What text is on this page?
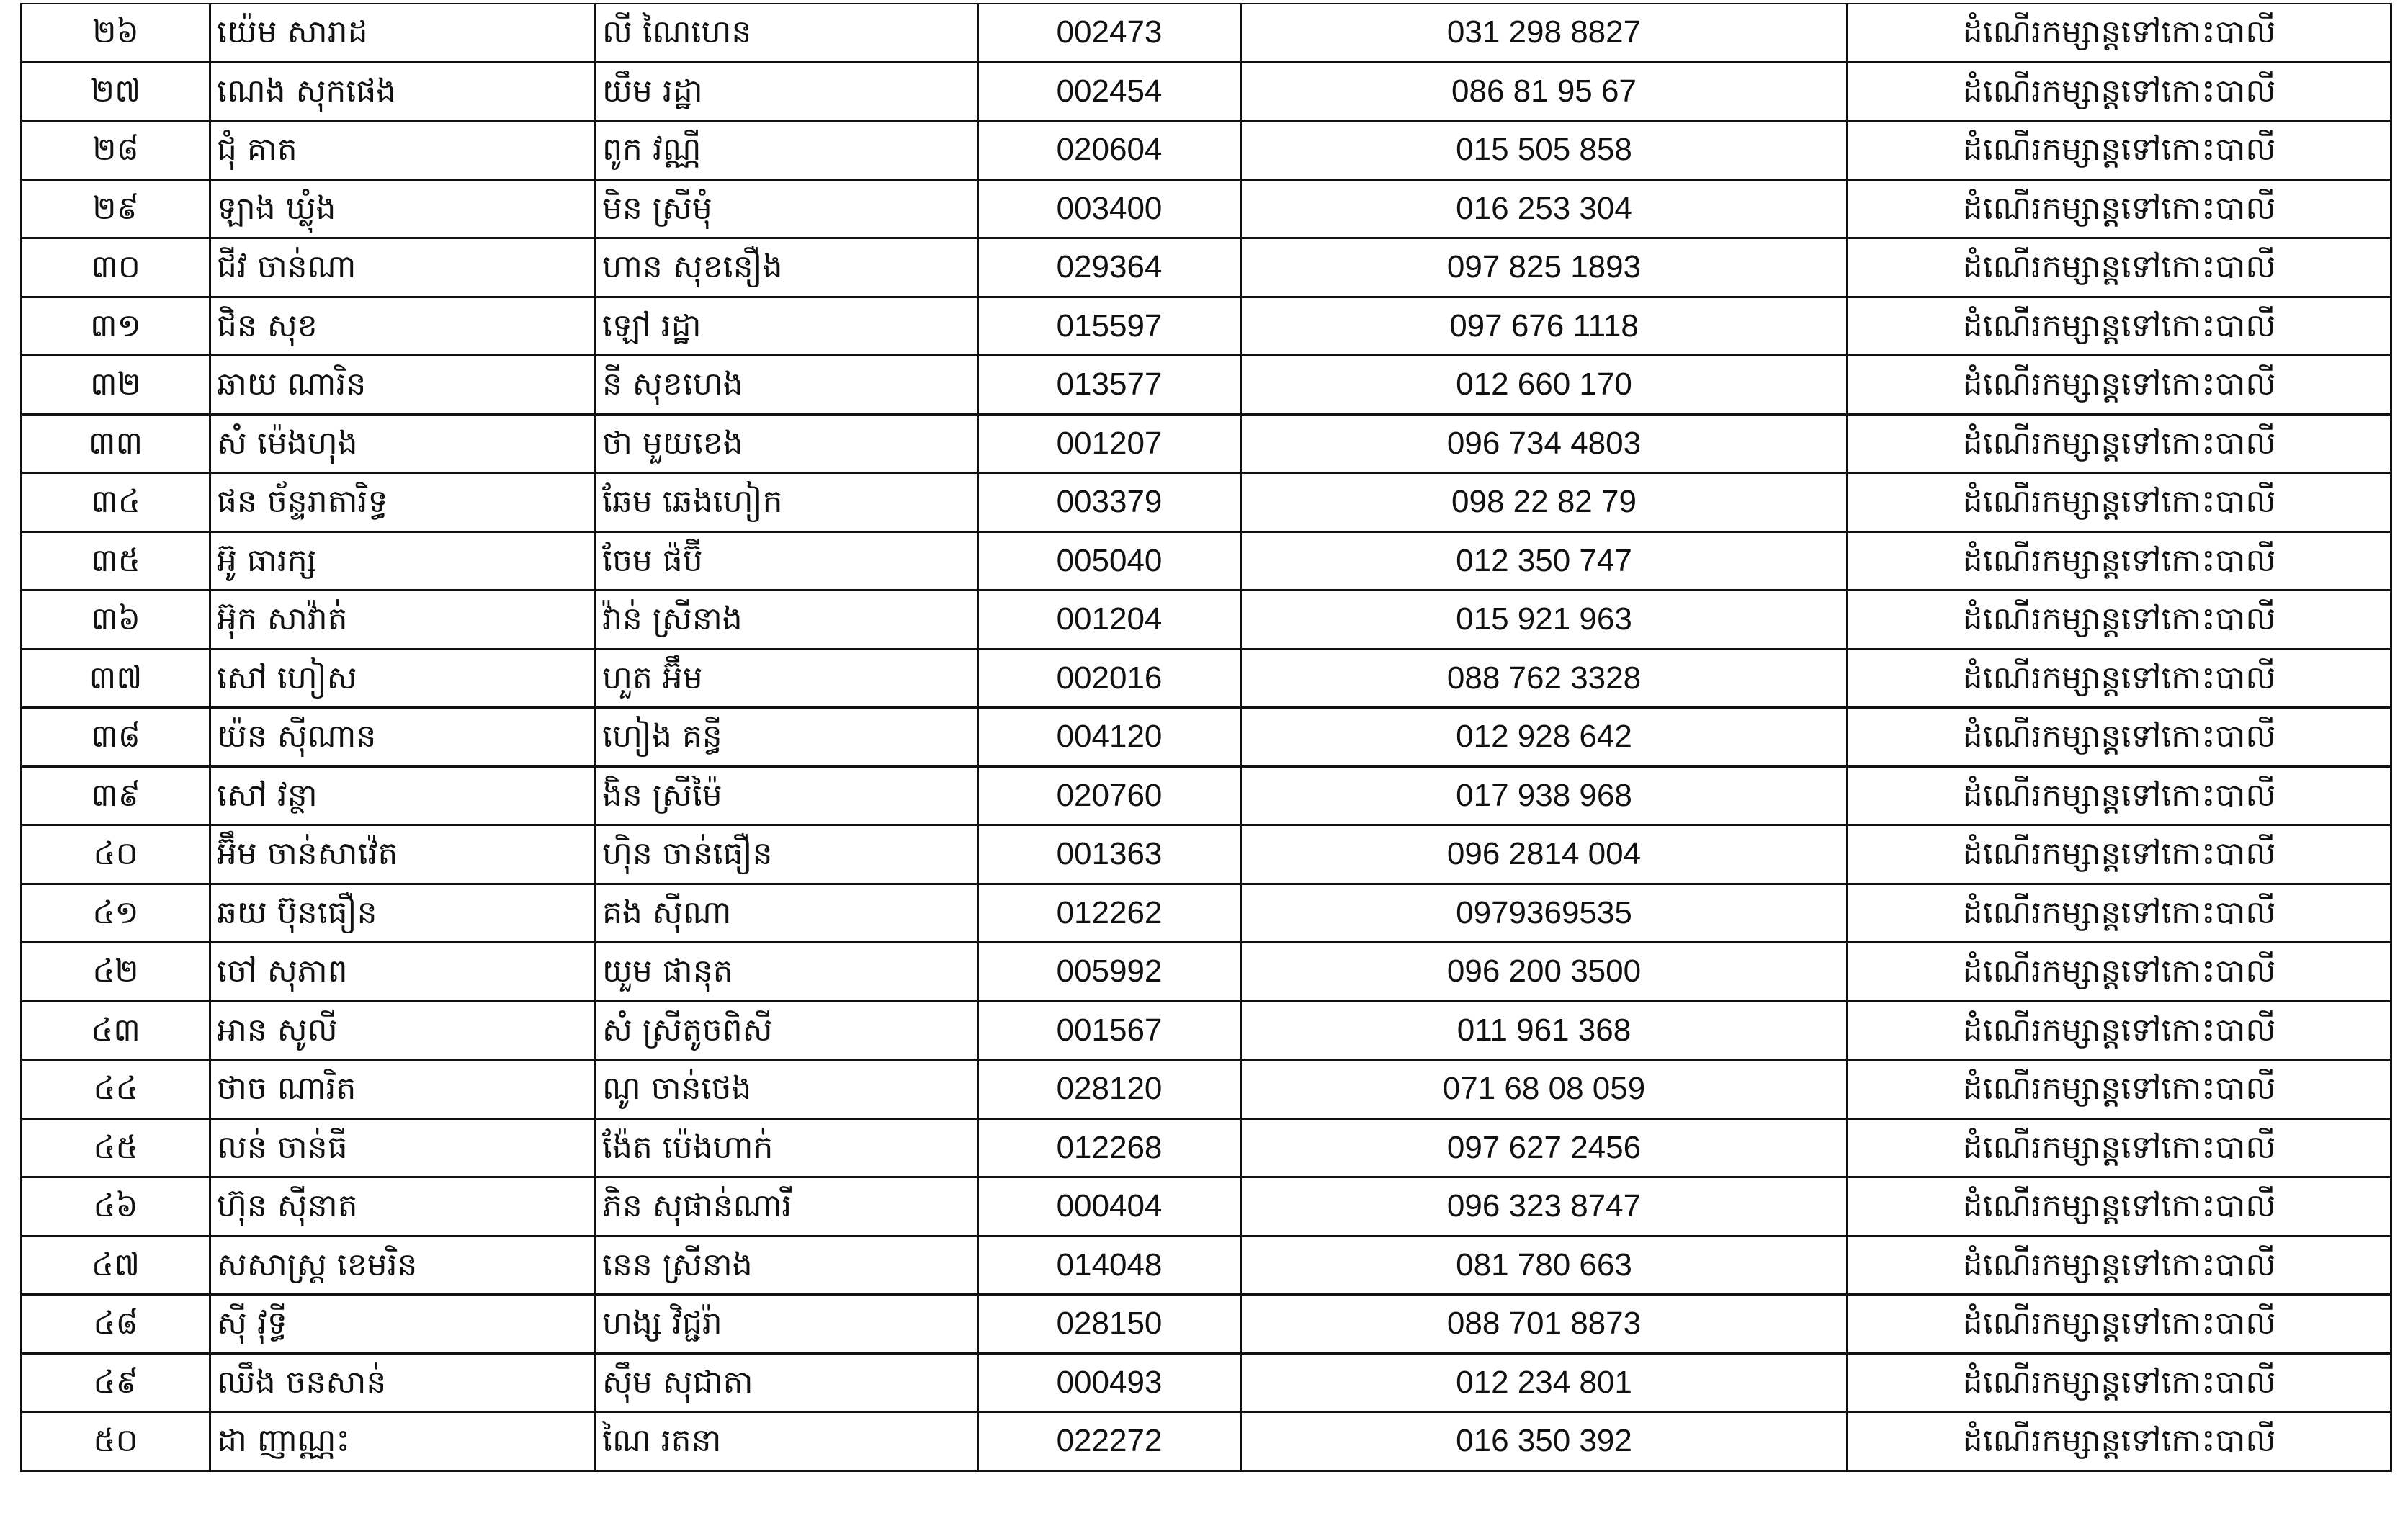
២៦	យ៉េម សារាដ	លី ណៃហេន	002473	031 298 8827	ដំណើរកម្សាន្តទៅកោះបាលី
២៧	ណេង សុកផេង	យឹម រដ្ឋា	002454	086 81 95 67	ដំណើរកម្សាន្តទៅកោះបាលី
២៨	ជុំ គាត	ពូក វណ្ណី	020604	015 505 858	ដំណើរកម្សាន្តទៅកោះបាលី
២៩	ឡាង ឃ្លុំង	មិន ស្រីមុំ	003400	016 253 304	ដំណើរកម្សាន្តទៅកោះបាលី
៣០	ជីវ ចាន់ណា	ហាន សុខនឿង	029364	097 825 1893	ដំណើរកម្សាន្តទៅកោះបាលី
៣១	ជិន សុខ	ឡៅ រដ្ឋា	015597	097 676 1118	ដំណើរកម្សាន្តទៅកោះបាលី
៣២	ឆាយ ណារិន	នី សុខហេង	013577	012 660 170	ដំណើរកម្សាន្តទៅកោះបាលី
៣៣	សំ ម៉េងហុង	ថា មួយខេង	001207	096 734 4803	ដំណើរកម្សាន្តទៅកោះបាលី
៣៤	ផន ច័ន្ទរាតារិទ្ធ	ឆែម ឆេងហៀក	003379	098 22 82 79	ដំណើរកម្សាន្តទៅកោះបាលី
៣៥	អ៊ូ ធារក្ស	ចែម ផ៉ប៊ី	005040	012 350 747	ដំណើរកម្សាន្តទៅកោះបាលី
៣៦	អ៊ុក សាវ៉ាត់	វ៉ាន់ ស្រីនាង	001204	015 921 963	ដំណើរកម្សាន្តទៅកោះបាលី
៣៧	សៅ ហៀស	ហួត អ៊ឹម	002016	088 762 3328	ដំណើរកម្សាន្តទៅកោះបាលី
៣៨	យ៉ន ស៊ីណាន	ហៀង គន្ធី	004120	012 928 642	ដំណើរកម្សាន្តទៅកោះបាលី
៣៩	សៅ វន្ថា	ងិន ស្រីម៉ៃ	020760	017 938 968	ដំណើរកម្សាន្តទៅកោះបាលី
៤០	អ៊ឹម ចាន់សាវ៉េត	ហ៊ិន ចាន់ធឿន	001363	096 2814 004	ដំណើរកម្សាន្តទៅកោះបាលី
៤១	ឆយ ប៊ុនធឿន	គង ស៊ីណា	012262	0979369535	ដំណើរកម្សាន្តទៅកោះបាលី
៤២	ចៅ សុភាព	យួម ផានុត	005992	096 200 3500	ដំណើរកម្សាន្តទៅកោះបាលី
៤៣	អាន សូលី	សំ ស្រីតូចពិសី	001567	011 961 368	ដំណើរកម្សាន្តទៅកោះបាលី
៤៤	ថាច ណារិត	ណូ ចាន់ថេង	028120	071 68 08 059	ដំណើរកម្សាន្តទៅកោះបាលី
៤៥	លន់ ចាន់ធី	ង៉ែត ប៉េងហាក់	012268	097 627 2456	ដំណើរកម្សាន្តទៅកោះបាលី
៤៦	ហ៊ុន ស៊ីនាត	ភិន សុផាន់ណារី	000404	096 323 8747	ដំណើរកម្សាន្តទៅកោះបាលី
៤៧	សសាស្ត្រ ខេមរិន	នេន ស្រីនាង	014048	081 780 663	ដំណើរកម្សាន្តទៅកោះបាលី
៤៨	ស៊ី វុទ្ធី	ហង្ស វិជ្ជរ៉ា	028150	088 701 8873	ដំណើរកម្សាន្តទៅកោះបាលី
៤៩	ឈឹង ចនសាន់	ស៊ឹម សុជាតា	000493	012 234 801	ដំណើរកម្សាន្តទៅកោះបាលី
៥០	ដា ញាណ្ណះ	ណៃ រតនា	022272	016 350 392	ដំណើរកម្សាន្តទៅកោះបាលី
